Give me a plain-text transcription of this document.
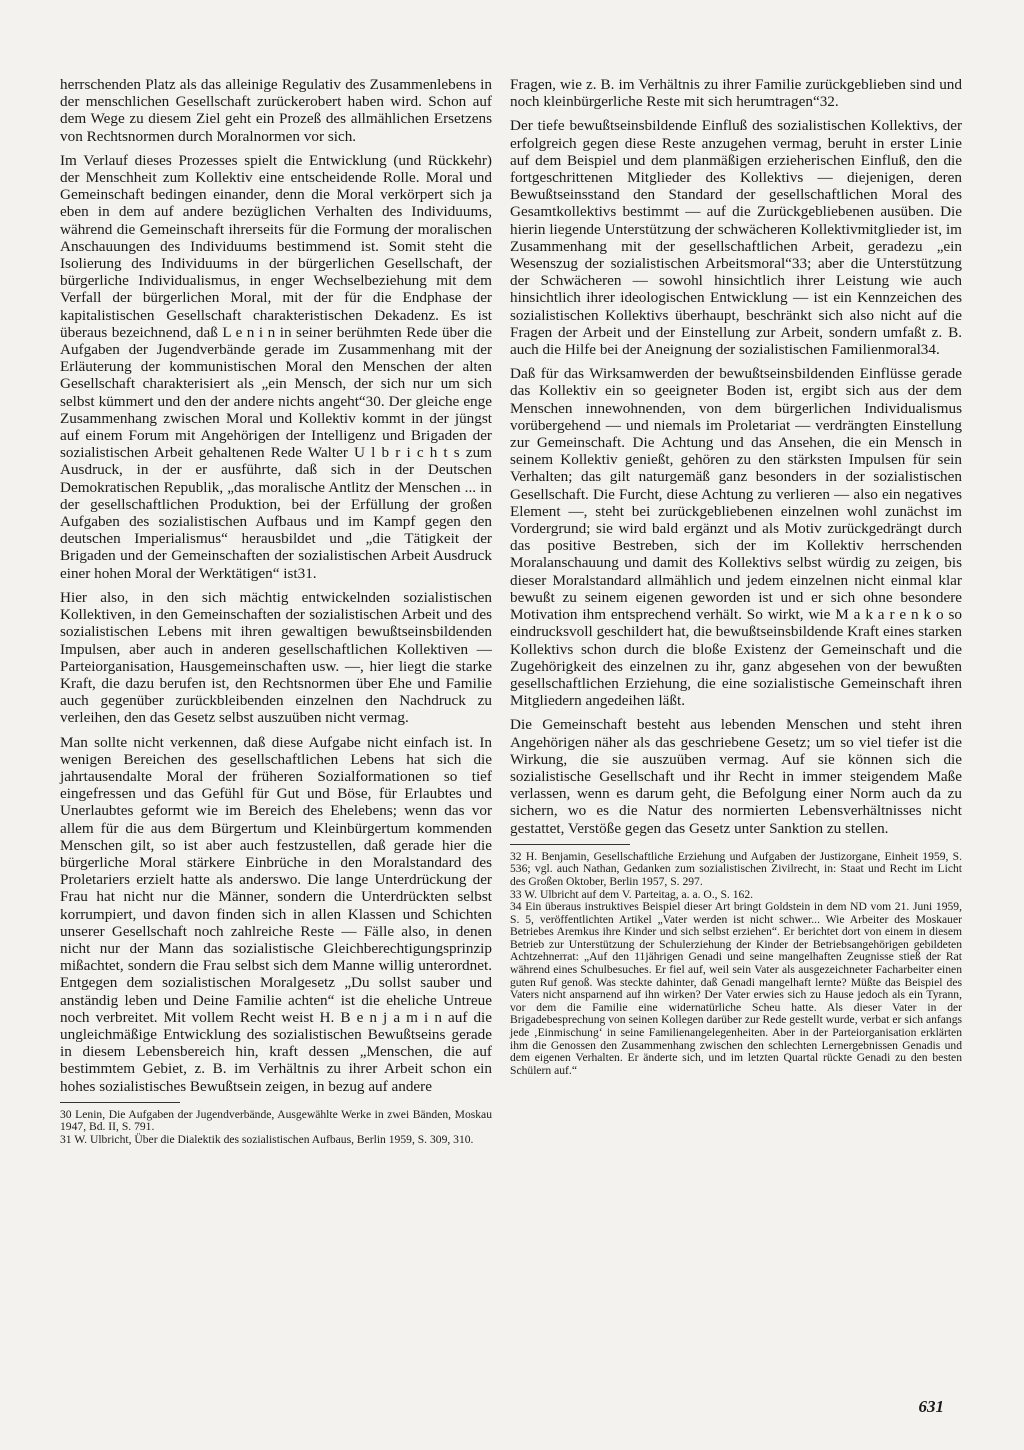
herrschenden Platz als das alleinige Regulativ des Zusammenlebens in der menschlichen Gesellschaft zurückerobert haben wird. Schon auf dem Wege zu diesem Ziel geht ein Prozeß des allmählichen Ersetzens von Rechtsnormen durch Moralnormen vor sich.

Im Verlauf dieses Prozesses spielt die Entwicklung (und Rückkehr) der Menschheit zum Kollektiv eine entscheidende Rolle. Moral und Gemeinschaft bedingen einander, denn die Moral verkörpert sich ja eben in dem auf andere bezüglichen Verhalten des Individuums, während die Gemeinschaft ihrerseits für die Formung der moralischen Anschauungen des Individuums bestimmend ist. Somit steht die Isolierung des Individuums in der bürgerlichen Gesellschaft, der bürgerliche Individualismus, in enger Wechselbeziehung mit dem Verfall der bürgerlichen Moral, mit der für die Endphase der kapitalistischen Gesellschaft charakteristischen Dekadenz. Es ist überaus bezeichnend, daß L e n i n in seiner berühmten Rede über die Aufgaben der Jugendverbände gerade im Zusammenhang mit der Erläuterung der kommunistischen Moral den Menschen der alten Gesellschaft charakterisiert als „ein Mensch, der sich nur um sich selbst kümmert und den der andere nichts angeht“30. Der gleiche enge Zusammenhang zwischen Moral und Kollektiv kommt in der jüngst auf einem Forum mit Angehörigen der Intelligenz und Brigaden der sozialistischen Arbeit gehaltenen Rede Walter U l b r i c h t s zum Ausdruck, in der er ausführte, daß sich in der Deutschen Demokratischen Republik, „das moralische Antlitz der Menschen ... in der gesellschaftlichen Produktion, bei der Erfüllung der großen Aufgaben des sozialistischen Aufbaus und im Kampf gegen den deutschen Imperialismus“ herausbildet und „die Tätigkeit der Brigaden und der Gemeinschaften der sozialistischen Arbeit Ausdruck einer hohen Moral der Werktätigen“ ist31.

Hier also, in den sich mächtig entwickelnden sozialistischen Kollektiven, in den Gemeinschaften der sozialistischen Arbeit und des sozialistischen Lebens mit ihren gewaltigen bewußtseinsbildenden Impulsen, aber auch in anderen gesellschaftlichen Kollektiven — Parteiorganisation, Hausgemeinschaften usw. —, hier liegt die starke Kraft, die dazu berufen ist, den Rechtsnormen über Ehe und Familie auch gegenüber zurückbleibenden einzelnen den Nachdruck zu verleihen, den das Gesetz selbst auszuüben nicht vermag.

Man sollte nicht verkennen, daß diese Aufgabe nicht einfach ist. In wenigen Bereichen des gesellschaftlichen Lebens hat sich die jahrtausendalte Moral der früheren Sozialformationen so tief eingefressen und das Gefühl für Gut und Böse, für Erlaubtes und Unerlaubtes geformt wie im Bereich des Ehelebens; wenn das vor allem für die aus dem Bürgertum und Kleinbürgertum kommenden Menschen gilt, so ist aber auch festzustellen, daß gerade hier die bürgerliche Moral stärkere Einbrüche in den Moralstandard des Proletariers erzielt hatte als anderswo. Die lange Unterdrückung der Frau hat nicht nur die Männer, sondern die Unterdrückten selbst korrumpiert, und davon finden sich in allen Klassen und Schichten unserer Gesellschaft noch zahlreiche Reste — Fälle also, in denen nicht nur der Mann das sozialistische Gleichberechtigungsprinzip mißachtet, sondern die Frau selbst sich dem Manne willig unterordnet. Entgegen dem sozialistischen Moralgesetz „Du sollst sauber und anständig leben und Deine Familie achten“ ist die eheliche Untreue noch verbreitet. Mit vollem Recht weist H. B e n j a m i n auf die ungleichmäßige Entwicklung des sozialistischen Bewußtseins gerade in diesem Lebensbereich hin, kraft dessen „Menschen, die auf bestimmtem Gebiet, z. B. im Verhältnis zu ihrer Arbeit schon ein hohes sozialistisches Bewußtsein zeigen, in bezug auf andere

30 Lenin, Die Aufgaben der Jugendverbände, Ausgewählte Werke in zwei Bänden, Moskau 1947, Bd. II, S. 791.

31 W. Ulbricht, Über die Dialektik des sozialistischen Aufbaus, Berlin 1959, S. 309, 310.

Fragen, wie z. B. im Verhältnis zu ihrer Familie zurückgeblieben sind und noch kleinbürgerliche Reste mit sich herumtragen“32.

Der tiefe bewußtseinsbildende Einfluß des sozialistischen Kollektivs, der erfolgreich gegen diese Reste anzugehen vermag, beruht in erster Linie auf dem Beispiel und dem planmäßigen erzieherischen Einfluß, den die fortgeschrittenen Mitglieder des Kollektivs — diejenigen, deren Bewußtseinsstand den Standard der gesellschaftlichen Moral des Gesamtkollektivs bestimmt — auf die Zurückgebliebenen ausüben. Die hierin liegende Unterstützung der schwächeren Kollektivmitglieder ist, im Zusammenhang mit der gesellschaftlichen Arbeit, geradezu „ein Wesenszug der sozialistischen Arbeitsmoral“33; aber die Unterstützung der Schwächeren — sowohl hinsichtlich ihrer Leistung wie auch hinsichtlich ihrer ideologischen Entwicklung — ist ein Kennzeichen des sozialistischen Kollektivs überhaupt, beschränkt sich also nicht auf die Fragen der Arbeit und der Einstellung zur Arbeit, sondern umfaßt z. B. auch die Hilfe bei der Aneignung der sozialistischen Familienmoral34.

Daß für das Wirksamwerden der bewußtseinsbildenden Einflüsse gerade das Kollektiv ein so geeigneter Boden ist, ergibt sich aus der dem Menschen innewohnenden, von dem bürgerlichen Individualismus vorübergehend — und niemals im Proletariat — verdrängten Einstellung zur Gemeinschaft. Die Achtung und das Ansehen, die ein Mensch in seinem Kollektiv genießt, gehören zu den stärksten Impulsen für sein Verhalten; das gilt naturgemäß ganz besonders in der sozialistischen Gesellschaft. Die Furcht, diese Achtung zu verlieren — also ein negatives Element —, steht bei zurückgebliebenen einzelnen wohl zunächst im Vordergrund; sie wird bald ergänzt und als Motiv zurückgedrängt durch das positive Bestreben, sich der im Kollektiv herrschenden Moralanschauung und damit des Kollektivs selbst würdig zu zeigen, bis dieser Moralstandard allmählich und jedem einzelnen nicht einmal klar bewußt zu seinem eigenen geworden ist und er sich ohne besondere Motivation ihm entsprechend verhält. So wirkt, wie M a k a r e n k o so eindrucksvoll geschildert hat, die bewußtseinsbildende Kraft eines starken Kollektivs schon durch die bloße Existenz der Gemeinschaft und die Zugehörigkeit des einzelnen zu ihr, ganz abgesehen von der bewußten gesellschaftlichen Erziehung, die eine sozialistische Gemeinschaft ihren Mitgliedern angedeihen läßt.

Die Gemeinschaft besteht aus lebenden Menschen und steht ihren Angehörigen näher als das geschriebene Gesetz; um so viel tiefer ist die Wirkung, die sie auszuüben vermag. Auf sie können sich die sozialistische Gesellschaft und ihr Recht in immer steigendem Maße verlassen, wenn es darum geht, die Befolgung einer Norm auch da zu sichern, wo es die Natur des normierten Lebensverhältnisses nicht gestattet, Verstöße gegen das Gesetz unter Sanktion zu stellen.

32 H. Benjamin, Gesellschaftliche Erziehung und Aufgaben der Justizorgane, Einheit 1959, S. 536; vgl. auch Nathan, Gedanken zum sozialistischen Zivilrecht, in: Staat und Recht im Licht des Großen Oktober, Berlin 1957, S. 297.

33 W. Ulbricht auf dem V. Parteitag, a. a. O., S. 162.

34 Ein überaus instruktives Beispiel dieser Art bringt Goldstein in dem ND vom 21. Juni 1959, S. 5, veröffentlichten Artikel „Vater werden ist nicht schwer... Wie Arbeiter des Moskauer Betriebes Aremkus ihre Kinder und sich selbst erziehen“. Er berichtet dort von einem in diesem Betrieb zur Unterstützung der Schulerziehung der Kinder der Betriebsangehörigen gebildeten Achtzehnerrat: „Auf den 11jährigen Genadi und seine mangelhaften Zeugnisse stieß der Rat während eines Schulbesuches. Er fiel auf, weil sein Vater als ausgezeichneter Facharbeiter einen guten Ruf genoß. Was steckte dahinter, daß Genadi mangelhaft lernte? Müßte das Beispiel des Vaters nicht ansparnend auf ihn wirken? Der Vater erwies sich zu Hause jedoch als ein Tyrann, vor dem die Familie eine widernatürliche Scheu hatte. Als dieser Vater in der Brigadebesprechung von seinen Kollegen darüber zur Rede gestellt wurde, verbat er sich anfangs jede ‚Einmischung‘ in seine Familienangelegenheiten. Aber in der Parteiorganisation erklärten ihm die Genossen den Zusammenhang zwischen den schlechten Lernergebnissen Genadis und dem eigenen Verhalten. Er änderte sich, und im letzten Quartal rückte Genadi zu den besten Schülern auf.“

631
